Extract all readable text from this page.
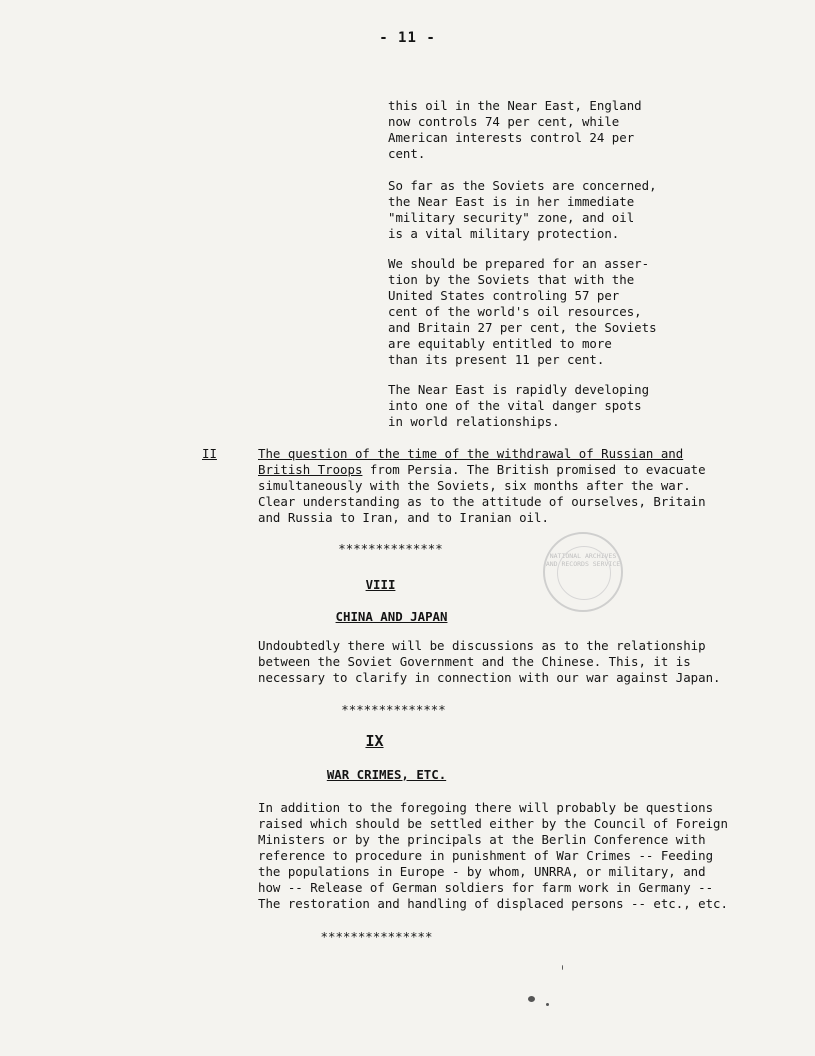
- 11 -
this oil in the Near East, England
now controls 74 per cent, while
American interests control 24 per
cent.
So far as the Soviets are concerned,
the Near East is in her immediate
"military security" zone, and oil
is a vital military protection.
We should be prepared for an asser-
tion by the Soviets that with the
United States controling 57 per
cent of the world's oil resources,
and Britain 27 per cent, the Soviets
are equitably entitled to more
than its present 11 per cent.
The Near East is rapidly developing
into one of the vital danger spots
in world relationships.
II	The question of the time of the withdrawal of Russian and
British Troops from Persia. The British promised to evacuate
simultaneously with the Soviets, six months after the war.
Clear understanding as to the attitude of ourselves, Britain
and Russia to Iran, and to Iranian oil.
**************
VIII
CHINA AND JAPAN
Undoubtedly there will be discussions as to the relationship
between the Soviet Government and the Chinese. This, it is
necessary to clarify in connection with our war against Japan.
**************
IX
WAR CRIMES, ETC.
In addition to the foregoing there will probably be questions
raised which should be settled either by the Council of Foreign
Ministers or by the principals at the Berlin Conference with
reference to procedure in punishment of War Crimes -- Feeding
the populations in Europe - by whom, UNRRA, or military, and
how -- Release of German soldiers for farm work in Germany --
The restoration and handling of displaced persons -- etc., etc.
***************
NATIONAL ARCHIVES AND RECORDS SERVICE
